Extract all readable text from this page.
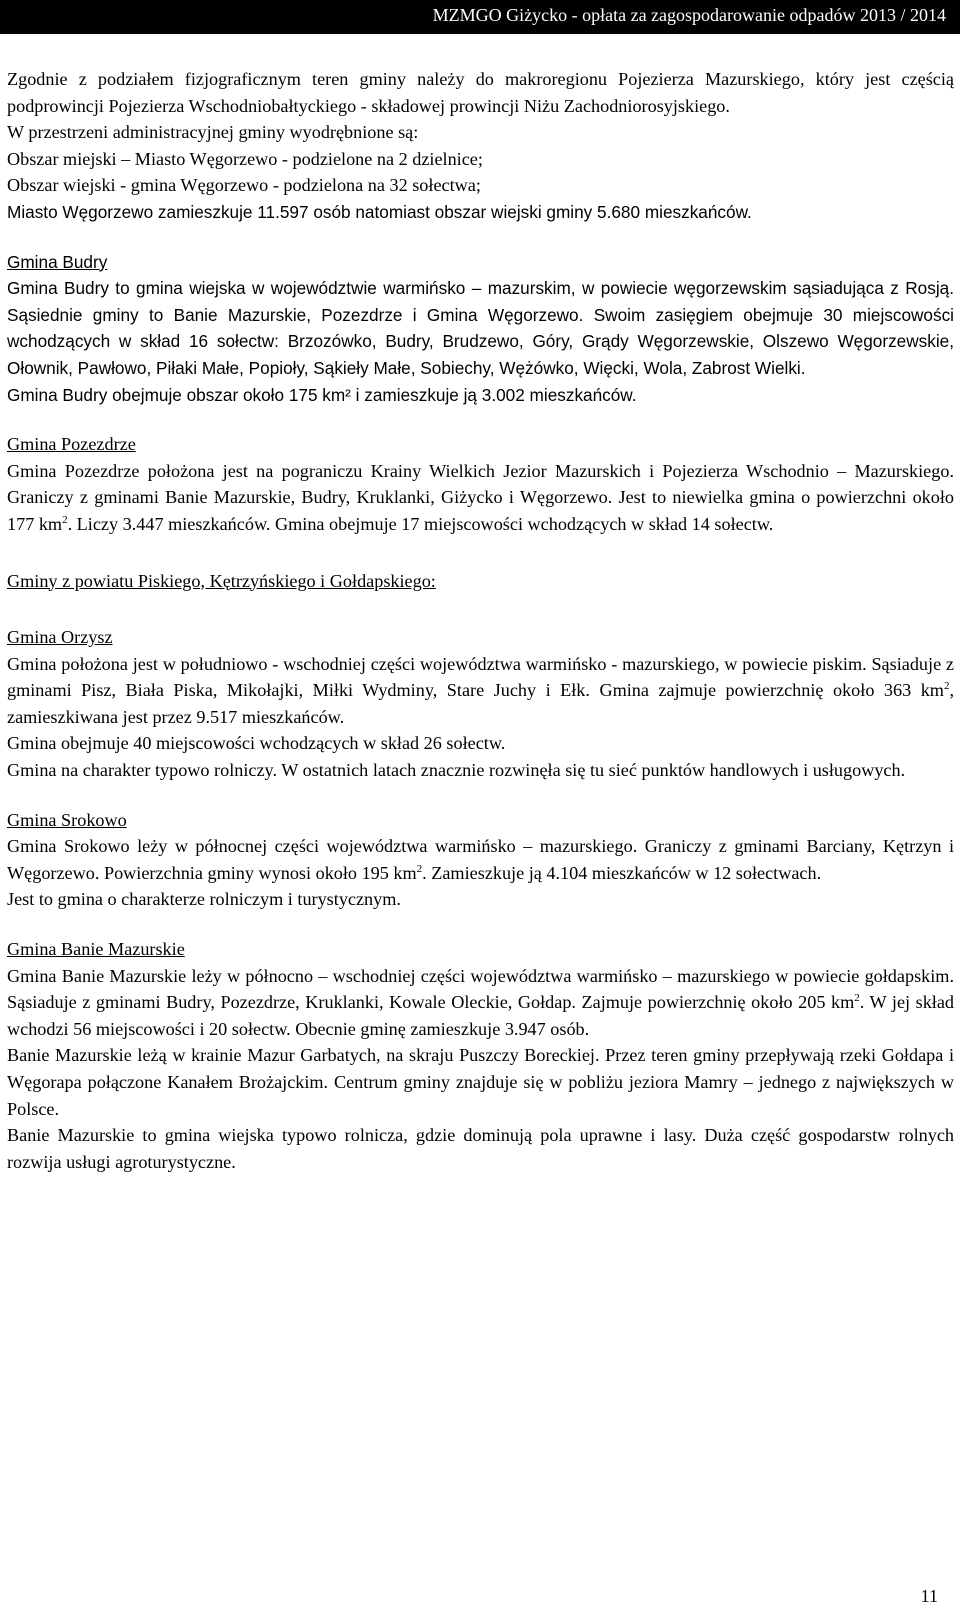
MZMGO Giżycko - opłata za zagospodarowanie odpadów 2013 / 2014

Zgodnie z podziałem fizjograficznym teren gminy należy do makroregionu Pojezierza Mazurskiego, który jest częścią podprowincji Pojezierza Wschodniobałtyckiego - składowej prowincji Niżu Zachodniorosyjskiego.

W przestrzeni administracyjnej gminy wyodrębnione są:

Obszar miejski – Miasto Węgorzewo - podzielone na 2 dzielnice;

Obszar wiejski - gmina Węgorzewo - podzielona na 32 sołectwa;

Miasto Węgorzewo zamieszkuje 11.597 osób natomiast obszar wiejski gminy 5.680 mieszkańców.

Gmina Budry

Gmina Budry to gmina wiejska w województwie warmińsko – mazurskim, w powiecie węgorzewskim sąsiadująca z Rosją. Sąsiednie gminy to Banie Mazurskie, Pozezdrze i Gmina Węgorzewo. Swoim zasięgiem obejmuje 30 miejscowości wchodzących w skład 16 sołectw: Brzozówko, Budry, Brudzewo, Góry, Grądy Węgorzewskie, Olszewo Węgorzewskie, Ołownik, Pawłowo, Piłaki Małe, Popioły, Sąkieły Małe, Sobiechy, Wężówko, Więcki, Wola, Zabrost Wielki.

Gmina Budry obejmuje obszar około 175 km² i zamieszkuje ją 3.002 mieszkańców.

Gmina Pozezdrze

Gmina Pozezdrze położona jest na pograniczu Krainy Wielkich Jezior Mazurskich i Pojezierza Wschodnio – Mazurskiego. Graniczy z gminami Banie Mazurskie, Budry, Kruklanki, Giżycko i Węgorzewo. Jest to niewielka gmina o powierzchni około 177 $km^2$. Liczy 3.447 mieszkańców. Gmina obejmuje 17 miejscowości wchodzących w skład 14 sołectw.

Gminy z powiatu Piskiego, Kętrzyńskiego i Gołdapskiego:

Gmina Orzysz

Gmina położona jest w południowo - wschodniej części województwa warmińsko - mazurskiego, w powiecie piskim. Sąsiaduje z gminami Pisz, Biała Piska, Mikołajki, Miłki Wydminy, Stare Juchy i Ełk. Gmina zajmuje powierzchnię około 363 $km^2$, zamieszkiwana jest przez 9.517 mieszkańców.

Gmina obejmuje 40 miejscowości wchodzących w skład 26 sołectw.

Gmina na charakter typowo rolniczy. W ostatnich latach znacznie rozwinęła się tu sieć punktów handlowych i usługowych.

Gmina Srokowo

Gmina Srokowo leży w północnej części województwa warmińsko – mazurskiego. Graniczy z gminami Barciany, Kętrzyn i Węgorzewo. Powierzchnia gminy wynosi około 195 $km^2$. Zamieszkuje ją 4.104 mieszkańców w 12 sołectwach.

Jest to gmina o charakterze rolniczym i turystycznym.

Gmina Banie Mazurskie

Gmina Banie Mazurskie leży w północno – wschodniej części województwa warmińsko – mazurskiego w powiecie gołdapskim. Sąsiaduje z gminami Budry, Pozezdrze, Kruklanki, Kowale Oleckie, Gołdap. Zajmuje powierzchnię około 205 $km^2$. W jej skład wchodzi 56 miejscowości i 20 sołectw. Obecnie gminę zamieszkuje 3.947 osób.

Banie Mazurskie leżą w krainie Mazur Garbatych, na skraju Puszczy Boreckiej. Przez teren gminy przepływają rzeki Gołdapa i Węgorapa połączone Kanałem Brożajckim. Centrum gminy znajduje się w pobliżu jeziora Mamry – jednego z największych w Polsce.

Banie Mazurskie to gmina wiejska typowo rolnicza, gdzie dominują pola uprawne i lasy. Duża część gospodarstw rolnych rozwija usługi agroturystyczne.

11
